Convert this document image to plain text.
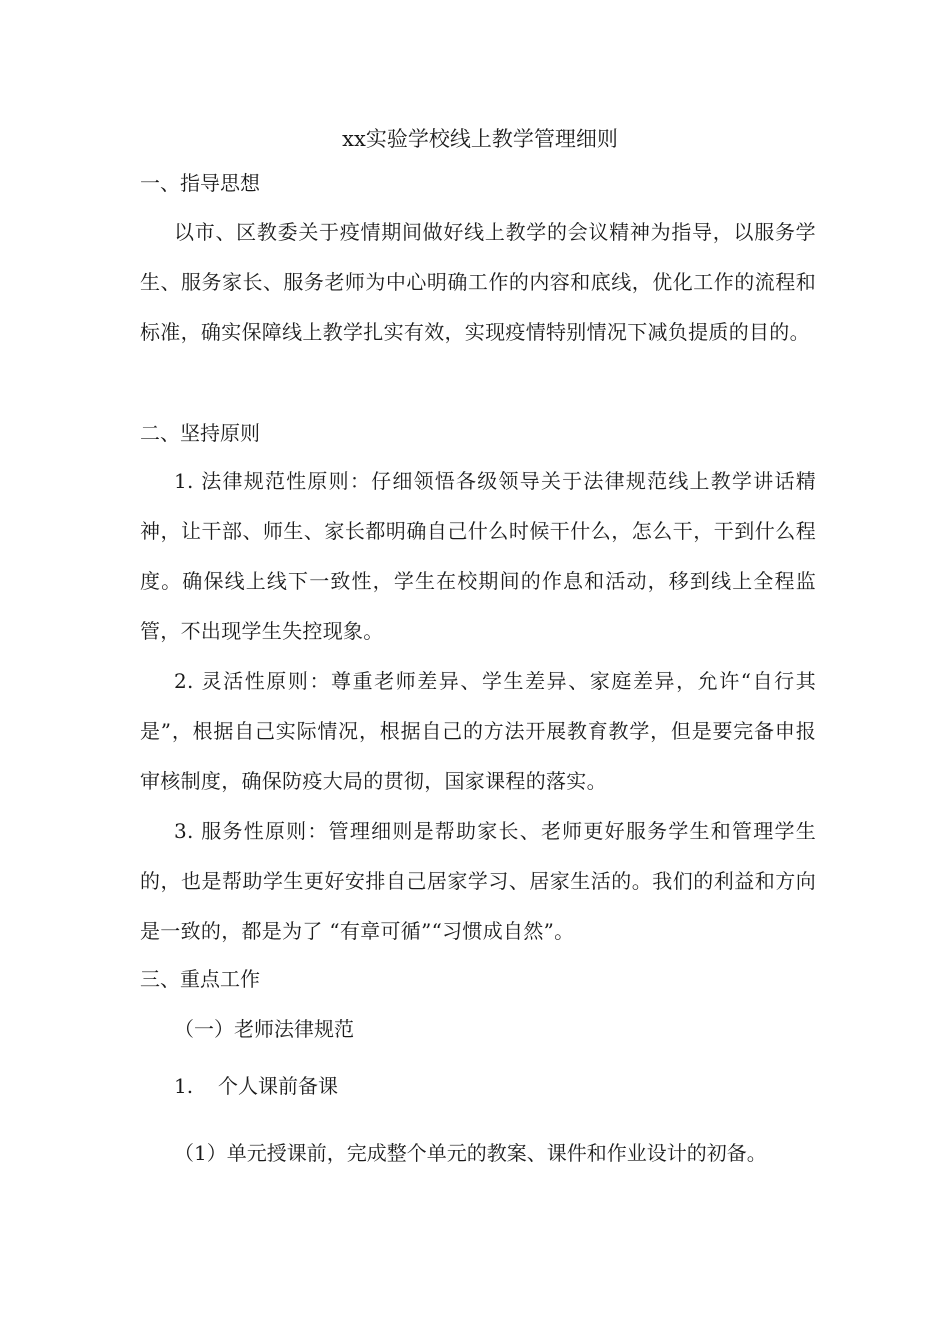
xx实验学校线上教学管理细则
一、指导思想

以市、区教委关于疫情期间做好线上教学的会议精神为指导，以服务学生、服务家长、服务老师为中心明确工作的内容和底线，优化工作的流程和标准，确实保障线上教学扎实有效，实现疫情特别情况下减负提质的目的。

二、坚持原则

1. 法律规范性原则：仔细领悟各级领导关于法律规范线上教学讲话精神，让干部、师生、家长都明确自己什么时候干什么，怎么干，干到什么程度。确保线上线下一致性，学生在校期间的作息和活动，移到线上全程监管，不出现学生失控现象。

2. 灵活性原则：尊重老师差异、学生差异、家庭差异，允许“自行其是”，根据自己实际情况，根据自己的方法开展教育教学，但是要完备申报审核制度，确保防疫大局的贯彻，国家课程的落实。

3. 服务性原则：管理细则是帮助家长、老师更好服务学生和管理学生的，也是帮助学生更好安排自己居家学习、居家生活的。我们的利益和方向是一致的，都是为了 “有章可循”“习惯成自然”。

三、重点工作
（一）老师法律规范
1. 个人课前备课
（1）单元授课前，完成整个单元的教案、课件和作业设计的初备。
